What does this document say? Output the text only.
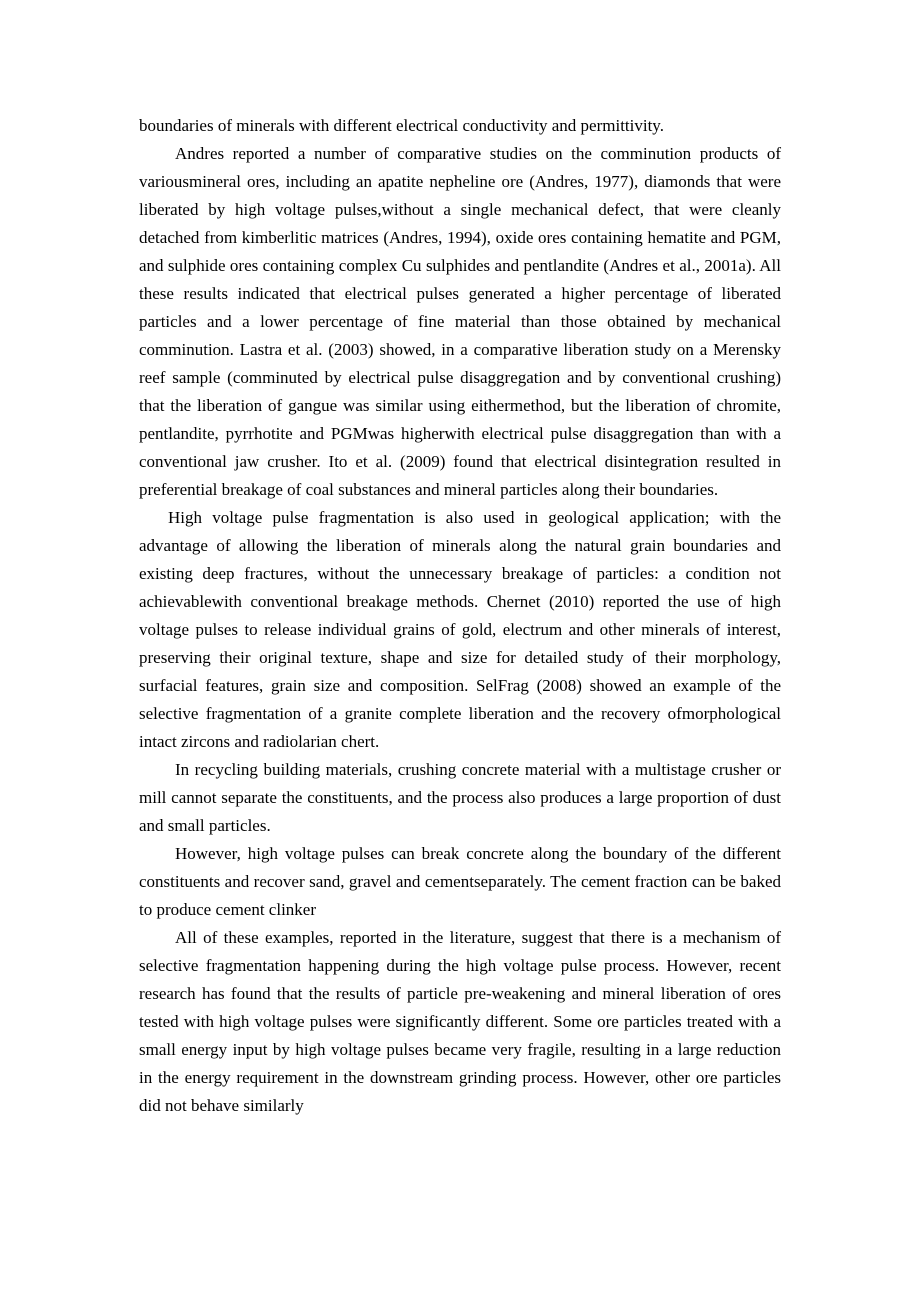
boundaries of minerals with different electrical conductivity and permittivity.

Andres reported a number of comparative studies on the comminution products of variousmineral ores, including an apatite nepheline ore (Andres, 1977), diamonds that were liberated by high voltage pulses,without a single mechanical defect, that were cleanly detached from kimberlitic matrices (Andres, 1994), oxide ores containing hematite and PGM, and sulphide ores containing complex Cu sulphides and pentlandite (Andres et al., 2001a). All these results indicated that electrical pulses generated a higher percentage of liberated particles and a lower percentage of fine material than those obtained by mechanical comminution. Lastra et al. (2003) showed, in a comparative liberation study on a Merensky reef sample (comminuted by electrical pulse disaggregation and by conventional crushing) that the liberation of gangue was similar using eithermethod, but the liberation of chromite, pentlandite, pyrrhotite and PGMwas higherwith electrical pulse disaggregation than with a conventional jaw crusher. Ito et al. (2009) found that electrical disintegration resulted in preferential breakage of coal substances and mineral particles along their boundaries.

High voltage pulse fragmentation is also used in geological application; with the advantage of allowing the liberation of minerals along the natural grain boundaries and existing deep fractures, without the unnecessary breakage of particles: a condition not achievablewith conventional breakage methods. Chernet (2010) reported the use of high voltage pulses to release individual grains of gold, electrum and other minerals of interest, preserving their original texture, shape and size for detailed study of their morphology, surfacial features, grain size and composition. SelFrag (2008) showed an example of the selective fragmentation of a granite complete liberation and the recovery ofmorphological intact zircons and radiolarian chert.

In recycling building materials, crushing concrete material with a multistage crusher or mill cannot separate the constituents, and the process also produces a large proportion of dust and small particles.

However, high voltage pulses can break concrete along the boundary of the different constituents and recover sand, gravel and cementseparately. The cement fraction can be baked to produce cement clinker

All of these examples, reported in the literature, suggest that there is a mechanism of selective fragmentation happening during the high voltage pulse process. However, recent research has found that the results of particle pre-weakening and mineral liberation of ores tested with high voltage pulses were significantly different. Some ore particles treated with a small energy input by high voltage pulses became very fragile, resulting in a large reduction in the energy requirement in the downstream grinding process. However, other ore particles did not behave similarly
